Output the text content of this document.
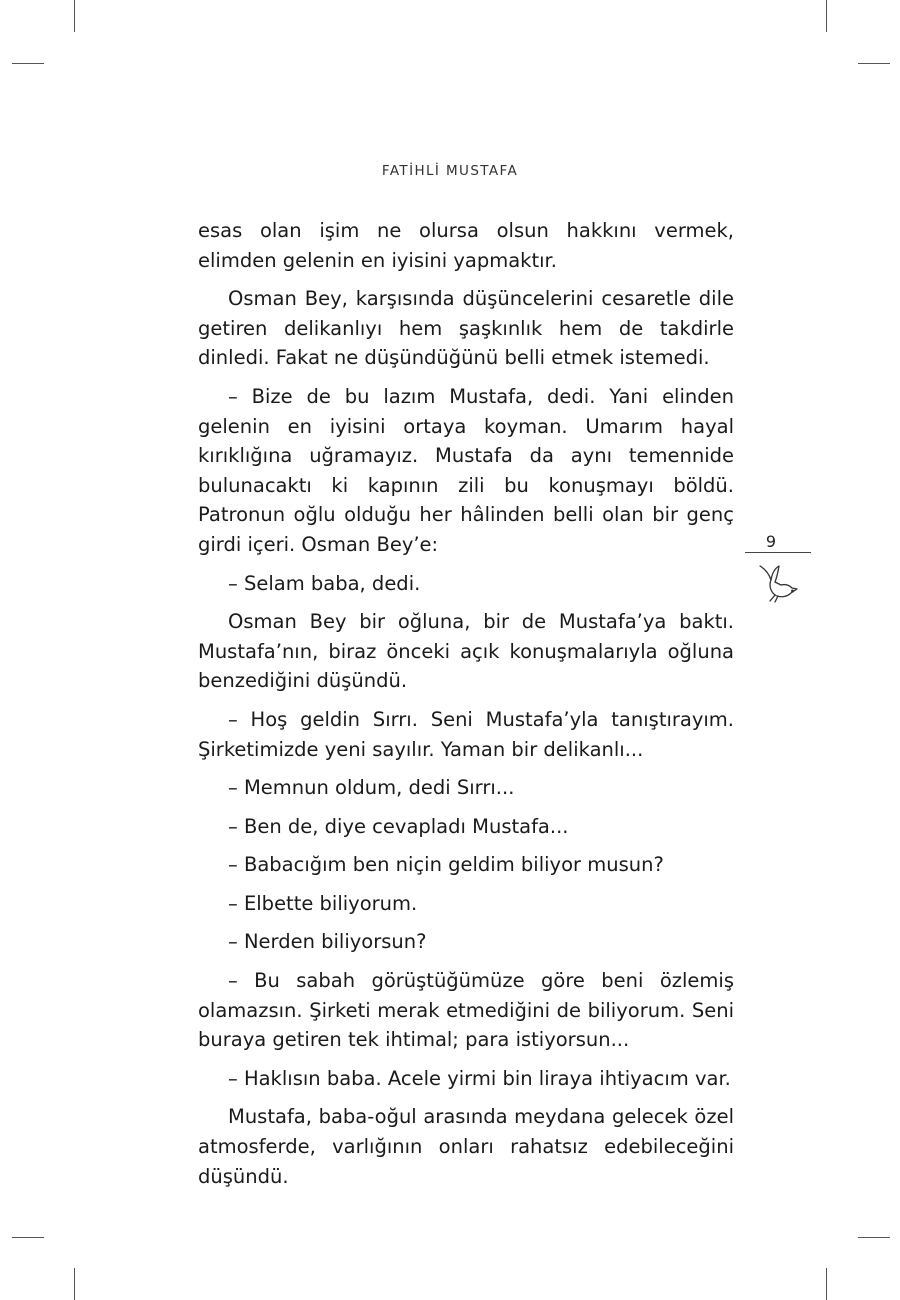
FATİHLİ MUSTAFA

esas olan işim ne olursa olsun hakkını vermek, elimden gelenin en iyisini yapmaktır.

Osman Bey, karşısında düşüncelerini cesaretle dile getiren delikanlıyı hem şaşkınlık hem de takdirle dinledi. Fakat ne düşündüğünü belli etmek istemedi.

– Bize de bu lazım Mustafa, dedi. Yani elinden gelenin en iyisini ortaya koyman. Umarım hayal kırıklığına uğramayız. Mustafa da aynı temennide bulunacaktı ki kapının zili bu konuşmayı böldü. Patronun oğlu olduğu her hâlinden belli olan bir genç girdi içeri. Osman Bey’e:

– Selam baba, dedi.

Osman Bey bir oğluna, bir de Mustafa’ya baktı. Mustafa’nın, biraz önceki açık konuşmalarıyla oğluna benzediğini düşündü.

– Hoş geldin Sırrı. Seni Mustafa’yla tanıştırayım. Şirketimizde yeni sayılır. Yaman bir delikanlı...

– Memnun oldum, dedi Sırrı...

– Ben de, diye cevapladı Mustafa...

– Babacığım ben niçin geldim biliyor musun?

– Elbette biliyorum.

– Nerden biliyorsun?

– Bu sabah görüştüğümüze göre beni özlemiş olamazsın. Şirketi merak etmediğini de biliyorum. Seni buraya getiren tek ihtimal; para istiyorsun...

– Haklısın baba. Acele yirmi bin liraya ihtiyacım var.

Mustafa, baba-oğul arasında meydana gelecek özel atmosferde, varlığının onları rahatsız edebileceğini düşündü.

9
